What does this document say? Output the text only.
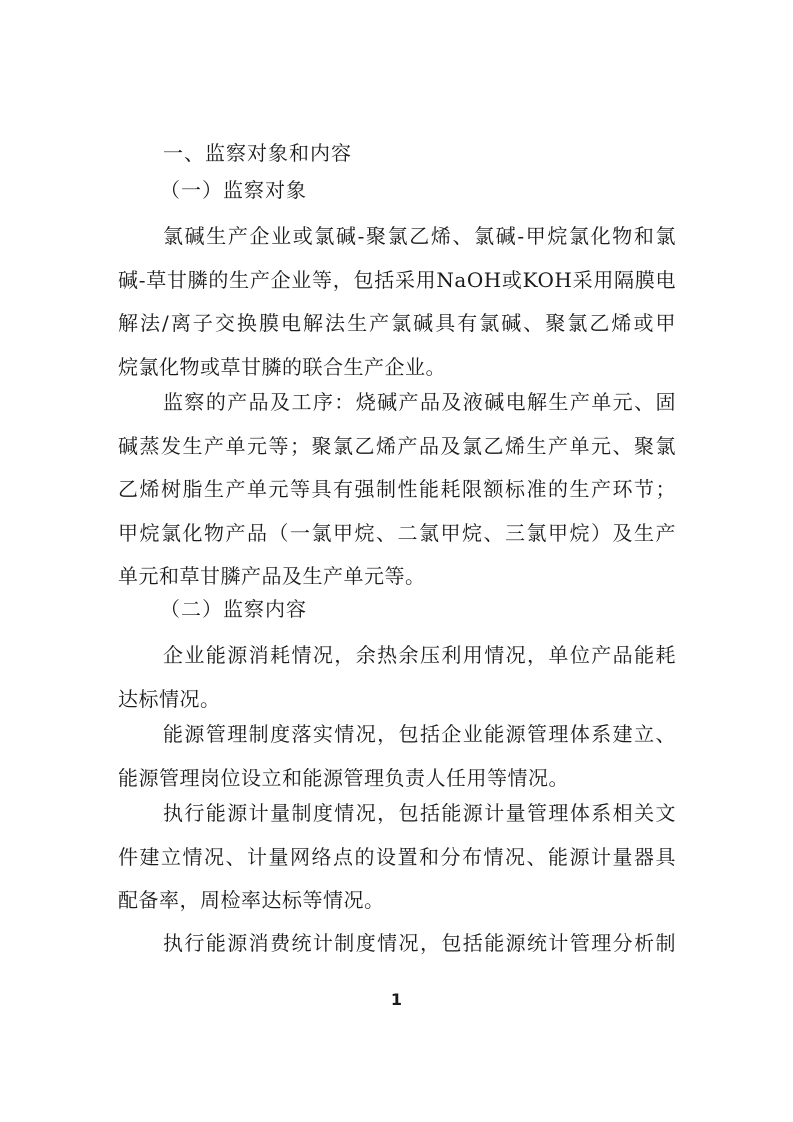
一、监察对象和内容
（一）监察对象
氯碱生产企业或氯碱-聚氯乙烯、氯碱-甲烷氯化物和氯
碱-草甘膦的生产企业等，包括采用NaOH或KOH采用隔膜电
解法/离子交换膜电解法生产氯碱具有氯碱、聚氯乙烯或甲
烷氯化物或草甘膦的联合生产企业。
监察的产品及工序：烧碱产品及液碱电解生产单元、固
碱蒸发生产单元等；聚氯乙烯产品及氯乙烯生产单元、聚氯
乙烯树脂生产单元等具有强制性能耗限额标准的生产环节；
甲烷氯化物产品（一氯甲烷、二氯甲烷、三氯甲烷）及生产
单元和草甘膦产品及生产单元等。
（二）监察内容
企业能源消耗情况，余热余压利用情况，单位产品能耗
达标情况。
能源管理制度落实情况，包括企业能源管理体系建立、
能源管理岗位设立和能源管理负责人任用等情况。
执行能源计量制度情况，包括能源计量管理体系相关文
件建立情况、计量网络点的设置和分布情况、能源计量器具
配备率，周检率达标等情况。
执行能源消费统计制度情况，包括能源统计管理分析制
1
